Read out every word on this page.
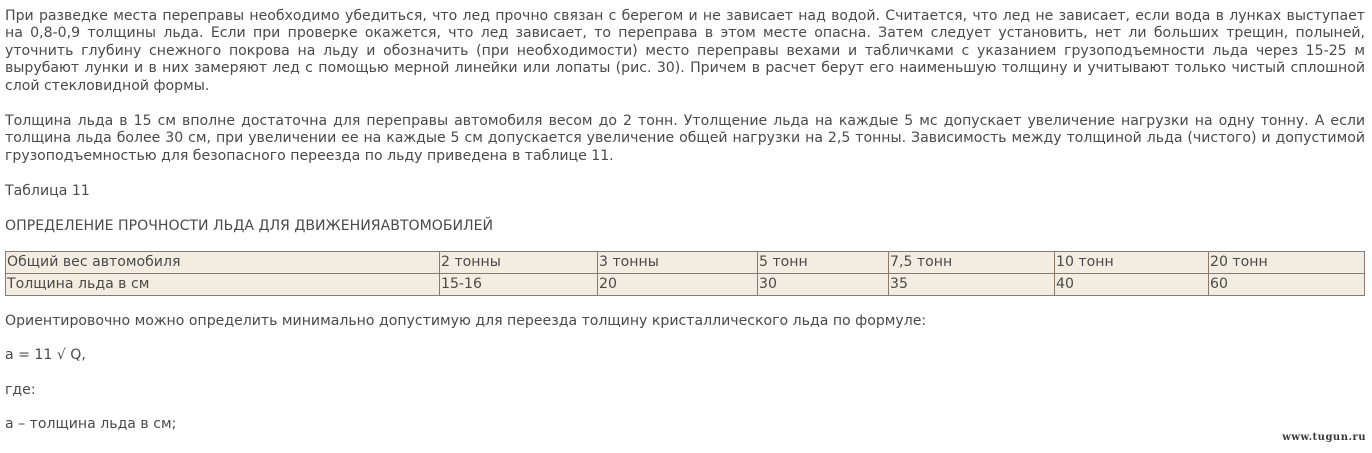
При разведке места переправы необходимо убедиться, что лед прочно связан с берегом и не зависает над водой. Считается, что лед не зависает, если вода в лунках выступает на 0,8-0,9 толщины льда. Если при проверке окажется, что лед зависает, то переправа в этом месте опасна. Затем следует установить, нет ли больших трещин, полыней, уточнить глубину снежного покрова на льду и обозначить (при необходимости) место переправы вехами и табличками с указанием грузоподъемности льда через 15-25 м вырубают лунки и в них замеряют лед с помощью мерной линейки или лопаты (рис. 30). Причем в расчет берут его наименьшую толщину и учитывают только чистый сплошной слой стекловидной формы.

Толщина льда в 15 см вполне достаточна для переправы автомобиля весом до 2 тонн. Утолщение льда на каждые 5 мс допускает увеличение нагрузки на одну тонну. А если толщина льда более 30 см, при увеличении ее на каждые 5 см допускается увеличение общей нагрузки на 2,5 тонны. Зависимость между толщиной льда (чистого) и допустимой грузоподъемностью для безопасного переезда по льду приведена в таблице 11.

Таблица 11

ОПРЕДЕЛЕНИЕ ПРОЧНОСТИ ЛЬДА ДЛЯ ДВИЖЕНИЯАВТОМОБИЛЕЙ

Общий вес автомобиля	2 тонны	3 тонны	5 тонн	7,5 тонн	10 тонн	20 тонн
Толщина льда в см	15-16	20	30	35	40	60

Ориентировочно можно определить минимально допустимую для переезда толщину кристаллического льда по формуле:

а = 11 √ Q,

где:

а – толщина льда в см;

www.tugun.ru
